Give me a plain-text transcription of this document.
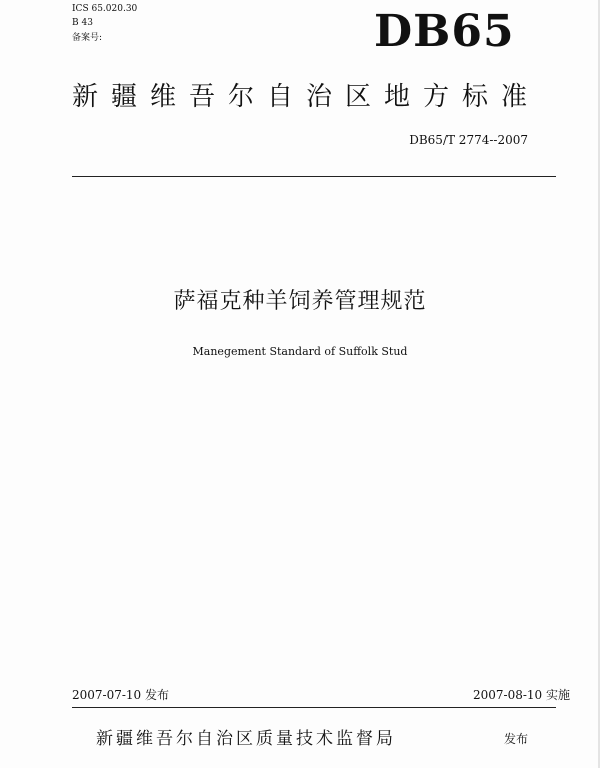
ICS 65.020.30
B 43
备案号:	DB65
新疆维吾尔自治区地方标准
DB65/T 2774--2007
萨福克种羊饲养管理规范
Manegement Standard of Suffolk Stud
2007-07-10 发布	2007-08-10 实施
新疆维吾尔自治区质量技术监督局	发布
